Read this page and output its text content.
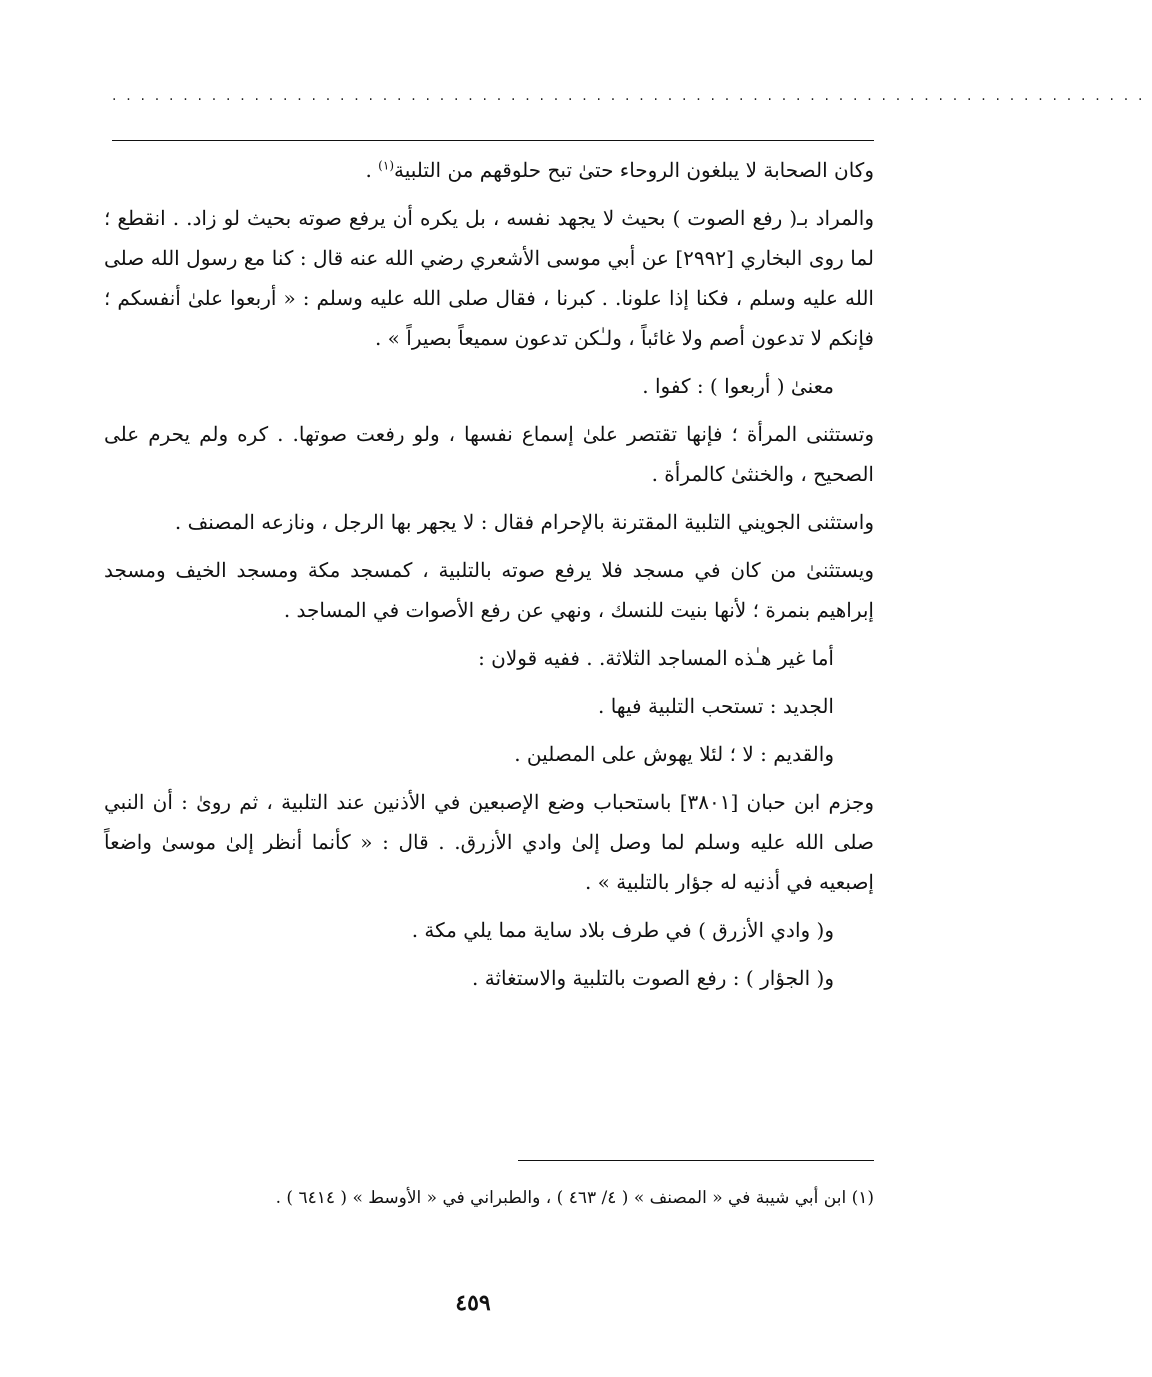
.........................................................................

وكان الصحابة لا يبلغون الروحاء حتىٰ تبح حلوقهم من التلبية$^{(١)}$ .

والمراد بـ( رفع الصوت ) بحيث لا يجهد نفسه ، بل يكره أن يرفع صوته بحيث لو زاد. . انقطع ؛ لما روى البخاري [٢٩٩٢] عن أبي موسى الأشعري رضي الله عنه قال : كنا مع رسول الله صلى الله عليه وسلم ، فكنا إذا علونا. . كبرنا ، فقال صلى الله عليه وسلم : « أربعوا علىٰ أنفسكم ؛ فإنكم لا تدعون أصم ولا غائباً ، ولـٰكن تدعون سميعاً بصيراً » .

معنىٰ ( أربعوا ) : كفوا .

وتستثنى المرأة ؛ فإنها تقتصر علىٰ إسماع نفسها ، ولو رفعت صوتها. . كره ولم يحرم على الصحيح ، والخنثىٰ كالمرأة .

واستثنى الجويني التلبية المقترنة بالإحرام فقال : لا يجهر بها الرجل ، ونازعه المصنف .

ويستثنىٰ من كان في مسجد فلا يرفع صوته بالتلبية ، كمسجد مكة ومسجد الخيف ومسجد إبراهيم بنمرة ؛ لأنها بنيت للنسك ، ونهي عن رفع الأصوات في المساجد .

أما غير هـٰذه المساجد الثلاثة. . ففيه قولان :

الجديد : تستحب التلبية فيها .

والقديم : لا ؛ لئلا يهوش على المصلين .

وجزم ابن حبان [٣٨٠١] باستحباب وضع الإصبعين في الأذنين عند التلبية ، ثم روىٰ : أن النبي صلى الله عليه وسلم لما وصل إلىٰ وادي الأزرق. . قال : « كأنما أنظر إلىٰ موسىٰ واضعاً إصبعيه في أذنيه له جؤار بالتلبية » .

و( وادي الأزرق ) في طرف بلاد ساية مما يلي مكة .

و( الجؤار ) : رفع الصوت بالتلبية والاستغاثة .

(١) ابن أبي شيبة في « المصنف » ( ٤/ ٤٦٣ ) ، والطبراني في « الأوسط » ( ٦٤١٤ ) .
٤٥٩
